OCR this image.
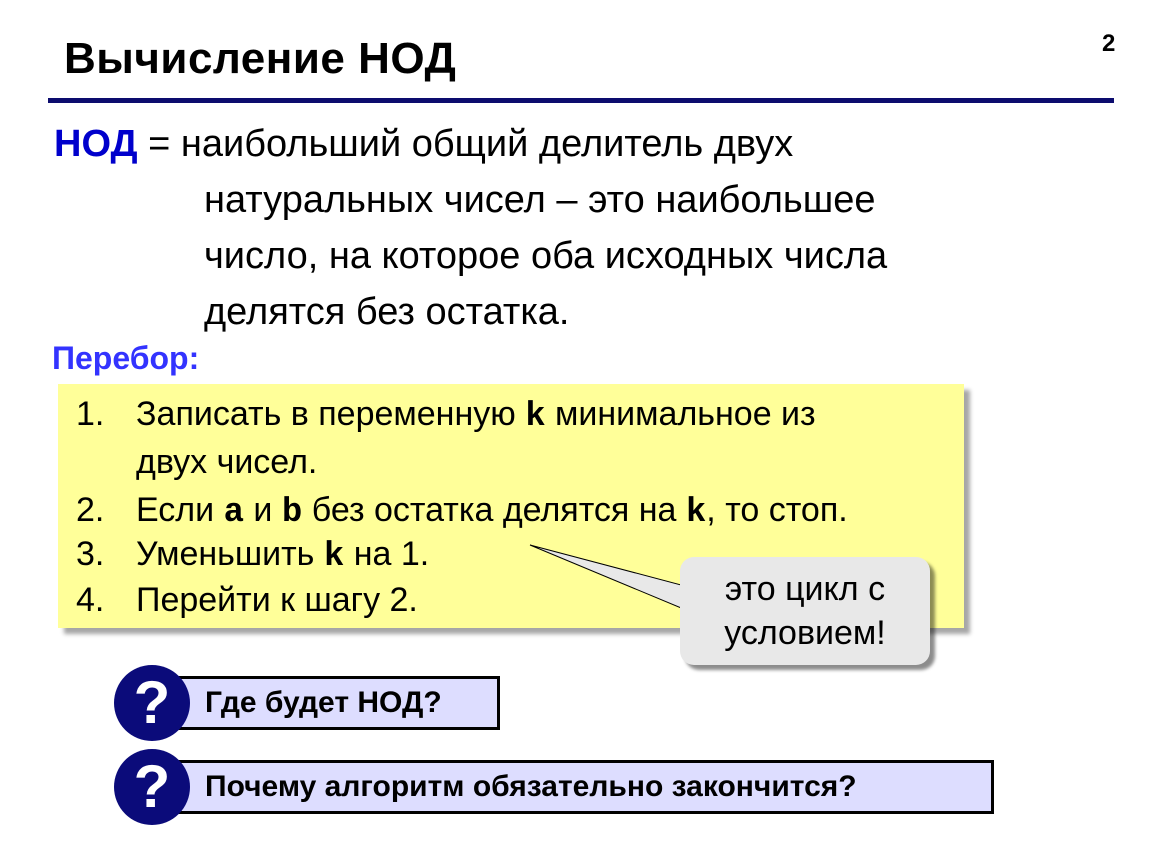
Вычисление НОД	2
НОД = наибольший общий делитель двух
натуральных чисел – это наибольшее
число, на которое оба исходных числа
делятся без остатка.
Перебор:
1. Записать в переменную k минимальное из
двух чисел.
2. Если a и b без остатка делятся на k, то стоп.
3. Уменьшить k на 1.
4. Перейти к шагу 2.	это цикл с
условием!
Где будет НОД?
?
Почему алгоритм обязательно закончится?
?
